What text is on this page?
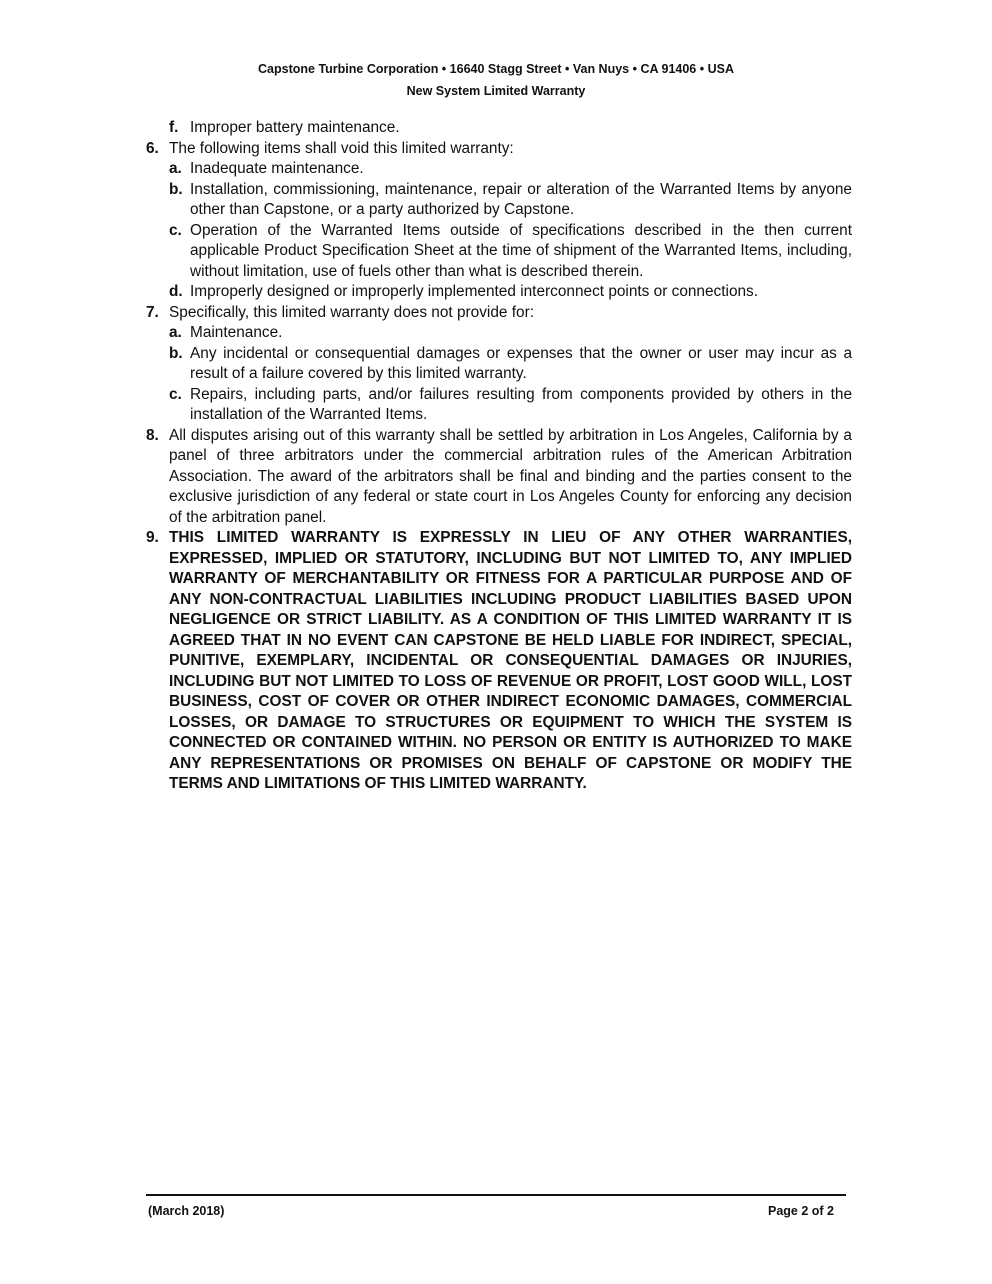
Capstone Turbine Corporation • 16640 Stagg Street • Van Nuys • CA 91406 • USA
New System Limited Warranty
f. Improper battery maintenance.
6. The following items shall void this limited warranty:
a. Inadequate maintenance.
b. Installation, commissioning, maintenance, repair or alteration of the Warranted Items by anyone other than Capstone, or a party authorized by Capstone.
c. Operation of the Warranted Items outside of specifications described in the then current applicable Product Specification Sheet at the time of shipment of the Warranted Items, including, without limitation, use of fuels other than what is described therein.
d. Improperly designed or improperly implemented interconnect points or connections.
7. Specifically, this limited warranty does not provide for:
a. Maintenance.
b. Any incidental or consequential damages or expenses that the owner or user may incur as a result of a failure covered by this limited warranty.
c. Repairs, including parts, and/or failures resulting from components provided by others in the installation of the Warranted Items.
8. All disputes arising out of this warranty shall be settled by arbitration in Los Angeles, California by a panel of three arbitrators under the commercial arbitration rules of the American Arbitration Association. The award of the arbitrators shall be final and binding and the parties consent to the exclusive jurisdiction of any federal or state court in Los Angeles County for enforcing any decision of the arbitration panel.
9. THIS LIMITED WARRANTY IS EXPRESSLY IN LIEU OF ANY OTHER WARRANTIES, EXPRESSED, IMPLIED OR STATUTORY, INCLUDING BUT NOT LIMITED TO, ANY IMPLIED WARRANTY OF MERCHANTABILITY OR FITNESS FOR A PARTICULAR PURPOSE AND OF ANY NON-CONTRACTUAL LIABILITIES INCLUDING PRODUCT LIABILITIES BASED UPON NEGLIGENCE OR STRICT LIABILITY. AS A CONDITION OF THIS LIMITED WARRANTY IT IS AGREED THAT IN NO EVENT CAN CAPSTONE BE HELD LIABLE FOR INDIRECT, SPECIAL, PUNITIVE, EXEMPLARY, INCIDENTAL OR CONSEQUENTIAL DAMAGES OR INJURIES, INCLUDING BUT NOT LIMITED TO LOSS OF REVENUE OR PROFIT, LOST GOOD WILL, LOST BUSINESS, COST OF COVER OR OTHER INDIRECT ECONOMIC DAMAGES, COMMERCIAL LOSSES, OR DAMAGE TO STRUCTURES OR EQUIPMENT TO WHICH THE SYSTEM IS CONNECTED OR CONTAINED WITHIN. NO PERSON OR ENTITY IS AUTHORIZED TO MAKE ANY REPRESENTATIONS OR PROMISES ON BEHALF OF CAPSTONE OR MODIFY THE TERMS AND LIMITATIONS OF THIS LIMITED WARRANTY.
(March 2018)	Page 2 of 2
